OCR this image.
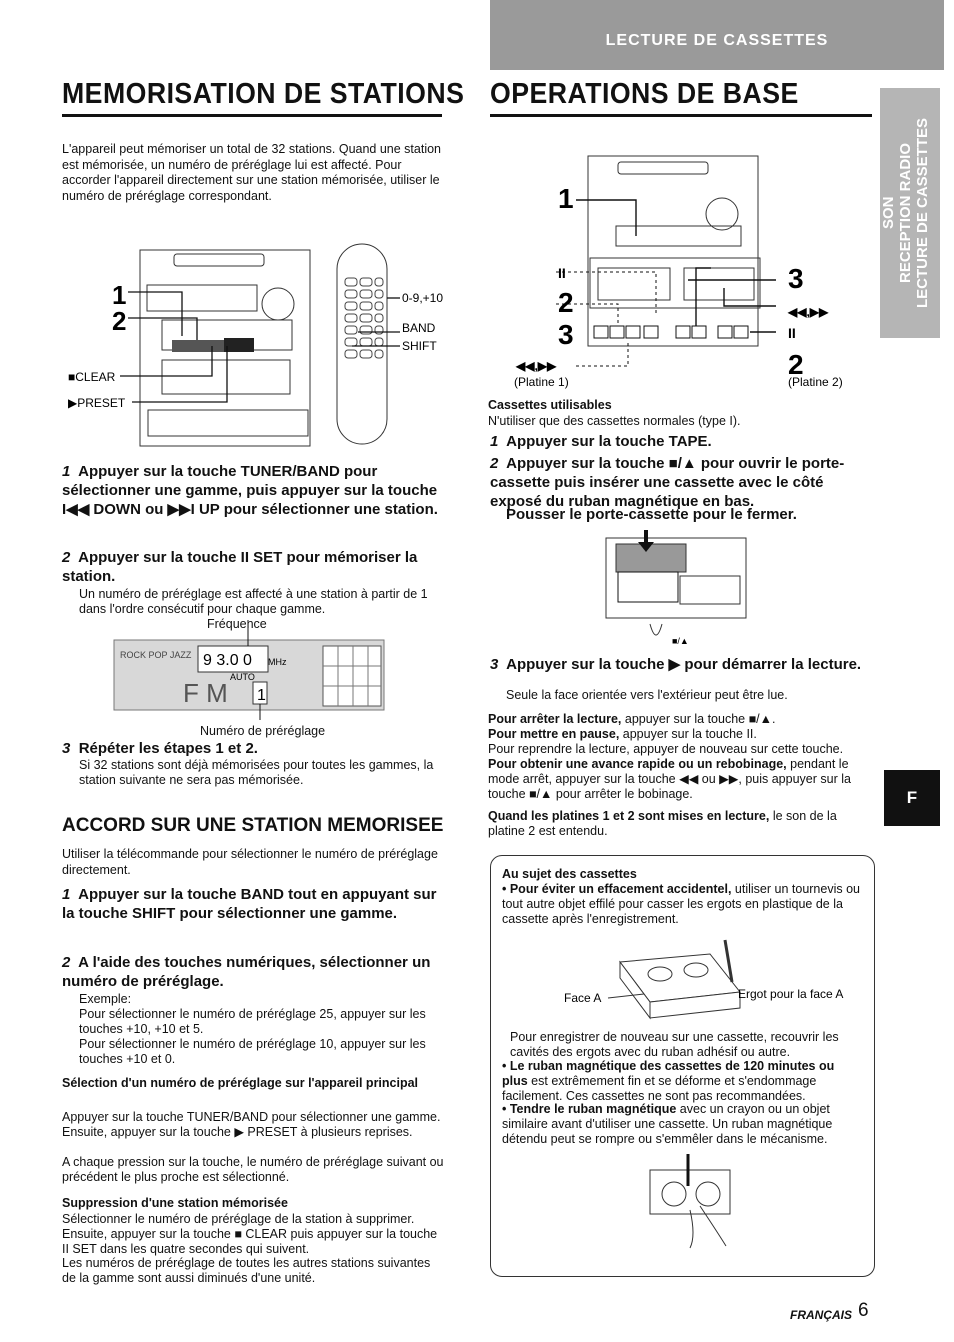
LECTURE DE CASSETTES
MEMORISATION DE STATIONS
L'appareil peut mémoriser un total de 32 stations. Quand une station est mémorisée, un numéro de préréglage lui est affecté. Pour accorder l'appareil directement sur une station mémorisée, utiliser le numéro de préréglage correspondant.
1
2
■CLEAR
▶PRESET
0-9,+10
BAND
SHIFT
1 Appuyer sur la touche TUNER/BAND pour sélectionner une gamme, puis appuyer sur la touche I◀◀ DOWN ou ▶▶I UP pour sélectionner une station.
2 Appuyer sur la touche II SET pour mémoriser la station.
Un numéro de préréglage est affecté à une station à partir de 1 dans l'ordre consécutif pour chaque gamme.
Fréquence
ROCK POP JAZZ 9 3.0 0 MHz
AUTO
F M 1
Numéro de préréglage
3 Répéter les étapes 1 et 2.
Si 32 stations sont déjà mémorisées pour toutes les gammes, la station suivante ne sera pas mémorisée.
ACCORD SUR UNE STATION MEMORISEE
Utiliser la télécommande pour sélectionner le numéro de préréglage directement.
1 Appuyer sur la touche BAND tout en appuyant sur la touche SHIFT pour sélectionner une gamme.
2 A l'aide des touches numériques, sélectionner un numéro de préréglage.
Exemple:
Pour sélectionner le numéro de préréglage 25, appuyer sur les touches +10, +10 et 5.
Pour sélectionner le numéro de préréglage 10, appuyer sur les touches +10 et 0.
Sélection d'un numéro de préréglage sur l'appareil principal
Appuyer sur la touche TUNER/BAND pour sélectionner une gamme. Ensuite, appuyer sur la touche ▶ PRESET à plusieurs reprises.
A chaque pression sur la touche, le numéro de préréglage suivant ou précédent le plus proche est sélectionné.
Suppression d'une station mémorisée
Sélectionner le numéro de préréglage de la station à supprimer. Ensuite, appuyer sur la touche ■ CLEAR puis appuyer sur la touche II SET dans les quatre secondes qui suivent.
Les numéros de préréglage de toutes les autres stations suivantes de la gamme sont aussi diminués d'une unité.
OPERATIONS DE BASE
SON
RECEPTION RADIO
LECTURE DE CASSETTES
1
II
2
3
◀◀,▶▶
3
◀◀,▶▶
II
2
(Platine 1)	(Platine 2)
Cassettes utilisables
N'utiliser que des cassettes normales (type I).
1 Appuyer sur la touche TAPE.
2 Appuyer sur la touche ■/▲ pour ouvrir le porte-cassette puis insérer une cassette avec le côté exposé du ruban magnétique en bas.
Pousser le porte-cassette pour le fermer.
■/▲
3 Appuyer sur la touche ▶ pour démarrer la lecture.
Seule la face orientée vers l'extérieur peut être lue.
Pour arrêter la lecture, appuyer sur la touche ■/▲.
Pour mettre en pause, appuyer sur la touche II.
Pour reprendre la lecture, appuyer de nouveau sur cette touche.
Pour obtenir une avance rapide ou un rebobinage, pendant le mode arrêt, appuyer sur la touche ◀◀ ou ▶▶, puis appuyer sur la touche ■/▲ pour arrêter le bobinage.
Quand les platines 1 et 2 sont mises en lecture, le son de la platine 2 est entendu.
F
Au sujet des cassettes
• Pour éviter un effacement accidentel, utiliser un tournevis ou tout autre objet effilé pour casser les ergots en plastique de la cassette après l'enregistrement.
Face A	Ergot pour la face A
Pour enregistrer de nouveau sur une cassette, recouvrir les cavités des ergots avec du ruban adhésif ou autre.
• Le ruban magnétique des cassettes de 120 minutes ou plus est extrêmement fin et se déforme et s'endommage facilement. Ces cassettes ne sont pas recommandées.
• Tendre le ruban magnétique avec un crayon ou un objet similaire avant d'utiliser une cassette. Un ruban magnétique détendu peut se rompre ou s'emmêler dans le mécanisme.
FRANÇAIS 6
